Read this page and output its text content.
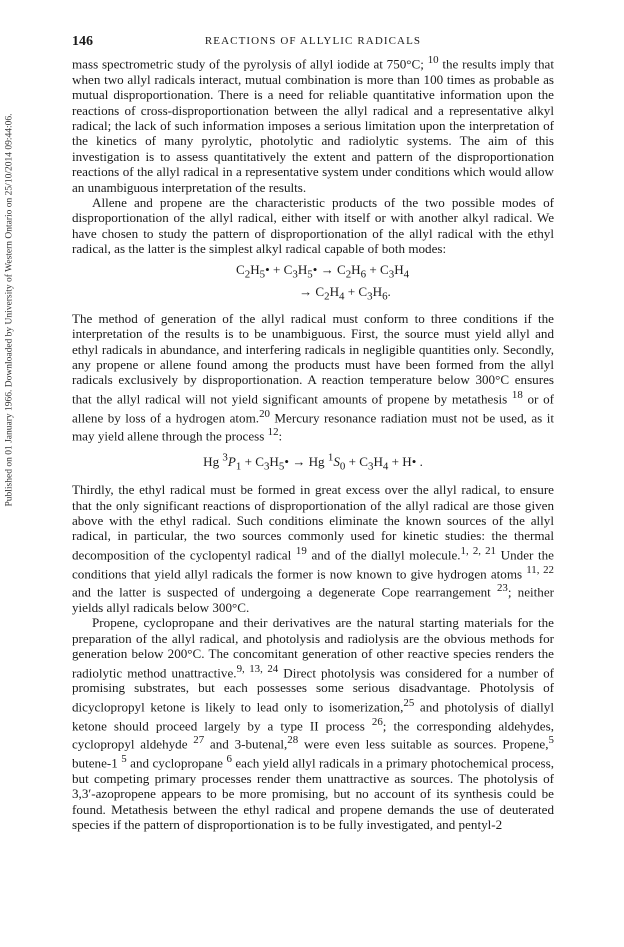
Published on 01 January 1966. Downloaded by University of Western Ontario on 25/10/2014 09:44:06.
146	REACTIONS OF ALLYLIC RADICALS

mass spectrometric study of the pyrolysis of allyl iodide at 750°C; $^{10}$ the results imply that when two allyl radicals interact, mutual combination is more than 100 times as probable as mutual disproportionation. There is a need for reliable quantitative information upon the reactions of cross-disproportionation between the allyl radical and a representative alkyl radical; the lack of such information imposes a serious limitation upon the interpretation of the kinetics of many pyrolytic, photolytic and radiolytic systems. The aim of this investigation is to assess quantitatively the extent and pattern of the disproportionation reactions of the allyl radical in a representative system under conditions which would allow an unambiguous interpretation of the results.

Allene and propene are the characteristic products of the two possible modes of disproportionation of the allyl radical, either with itself or with another alkyl radical. We have chosen to study the pattern of disproportionation of the allyl radical with the ethyl radical, as the latter is the simplest alkyl radical capable of both modes:

$C_2H_5•$ + $C_3H_5• \to C_2H_6 + C_3H_4$
→ $C_2H_4 + C_3H_6$.

The method of generation of the allyl radical must conform to three conditions if the interpretation of the results is to be unambiguous. First, the source must yield allyl and ethyl radicals in abundance, and interfering radicals in negligible quantities only. Secondly, any propene or allene found among the products must have been formed from the allyl radicals exclusively by disproportionation. A reaction temperature below 300°C ensures that the allyl radical will not yield significant amounts of propene by metathesis $^{18}$ or of allene by loss of a hydrogen atom.$^{20}$ Mercury resonance radiation must not be used, as it may yield allene through the process $^{12}$:

Hg $^3P_1$ + $C_3H_5• \to Hg$ $^1S_0 + C_3H_4$ + H• .

Thirdly, the ethyl radical must be formed in great excess over the allyl radical, to ensure that the only significant reactions of disproportionation of the allyl radical are those given above with the ethyl radical. Such conditions eliminate the known sources of the allyl radical, in particular, the two sources commonly used for kinetic studies: the thermal decomposition of the cyclopentyl radical $^{19}$ and of the diallyl molecule.$^{1, 2, 21}$ Under the conditions that yield allyl radicals the former is now known to give hydrogen atoms $^{11, 22}$ and the latter is suspected of undergoing a degenerate Cope rearrangement $^{23}$; neither yields allyl radicals below 300°C.

Propene, cyclopropane and their derivatives are the natural starting materials for the preparation of the allyl radical, and photolysis and radiolysis are the obvious methods for generation below 200°C. The concomitant generation of other reactive species renders the radiolytic method unattractive.$^{9, 13, 24}$ Direct photolysis was considered for a number of promising substrates, but each possesses some serious disadvantage. Photolysis of dicyclopropyl ketone is likely to lead only to isomerization,$^{25}$ and photolysis of diallyl ketone should proceed largely by a type II process $^{26}$; the corresponding aldehydes, cyclopropyl aldehyde $^{27}$ and 3-butenal,$^{28}$ were even less suitable as sources. Propene,$^5$ butene-1 $^5$ and cyclopropane $^6$ each yield allyl radicals in a primary photochemical process, but competing primary processes render them unattractive as sources. The photolysis of 3,3′-azopropene appears to be more promising, but no account of its synthesis could be found. Metathesis between the ethyl radical and propene demands the use of deuterated species if the pattern of disproportionation is to be fully investigated, and pentyl-2
